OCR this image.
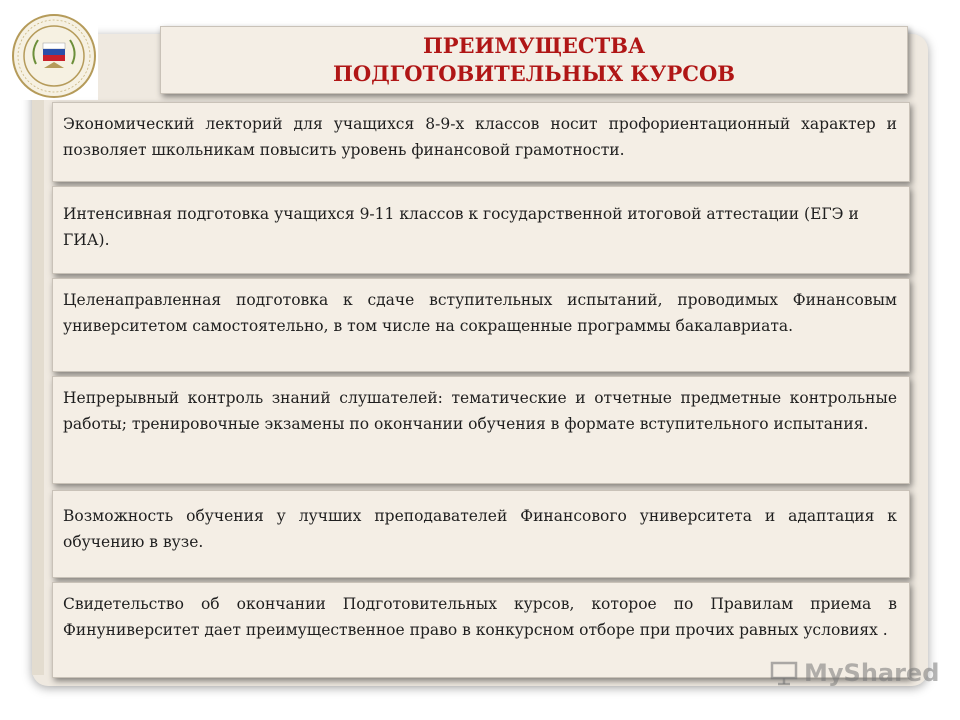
ПРЕИМУЩЕСТВА
ПОДГОТОВИТЕЛЬНЫХ КУРСОВ
Экономический лекторий для учащихся 8-9-х классов носит профориентационный характер и позволяет школьникам повысить уровень финансовой грамотности.
Интенсивная подготовка учащихся 9-11 классов к государственной итоговой аттестации (ЕГЭ и ГИА).
Целенаправленная подготовка к сдаче вступительных испытаний, проводимых Финансовым университетом самостоятельно, в том числе на сокращенные программы бакалавриата.
Непрерывный контроль знаний слушателей: тематические и отчетные предметные контрольные работы; тренировочные экзамены по окончании обучения в формате вступительного испытания.
Возможность обучения у лучших преподавателей Финансового университета и адаптация к обучению в вузе.
Свидетельство об окончании Подготовительных курсов, которое по Правилам приема в Финуниверситет дает преимущественное право в конкурсном отборе при прочих равных условиях .
MyShared
